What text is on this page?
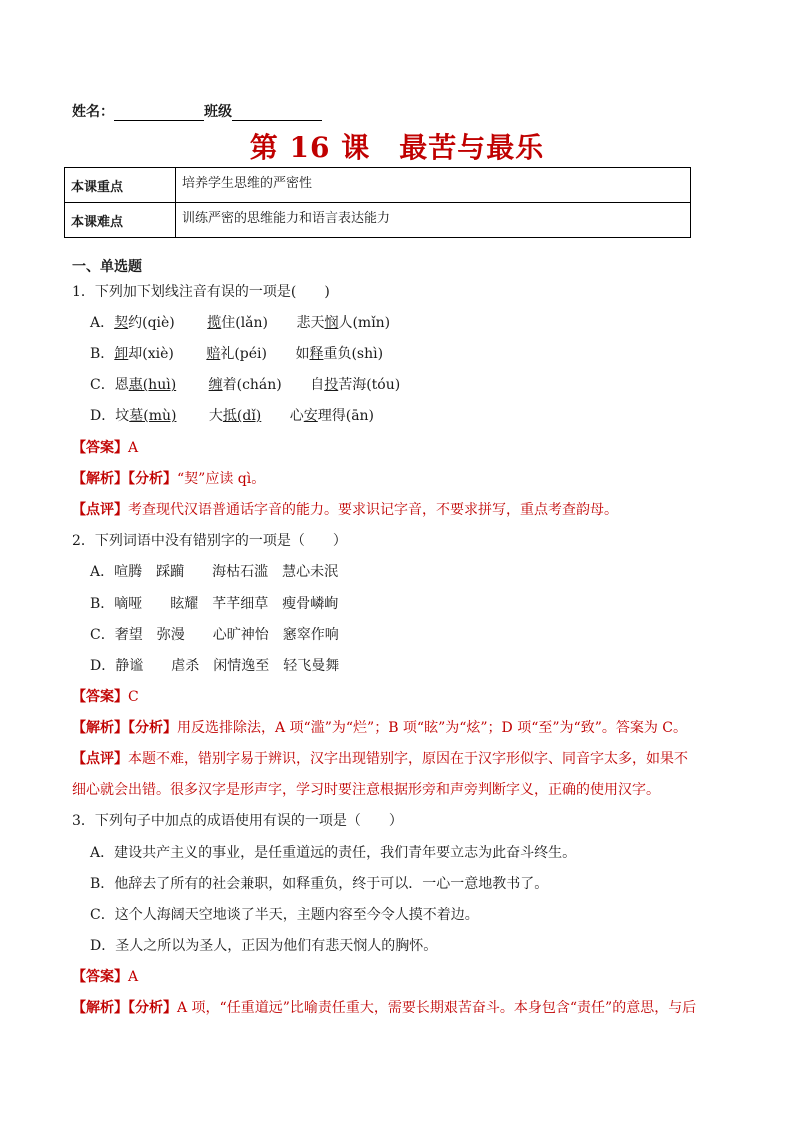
姓名：	班级
第 16 课　最苦与最乐
本课重点	培养学生思维的严密性
本课难点	训练严密的思维能力和语言表达能力
一、单选题
1．下列加下划线注音有误的一项是(　　)
A．契约(qiè) 揽住(lǎn) 悲天悯人(mǐn)
B．卸却(xiè) 赔礼(péi) 如释重负(shì)
C．恩惠(huì) 缠着(chán) 自投苦海(tóu)
D．坟墓(mù) 大抵(dǐ) 心安理得(ān)
【答案】A
【解析】【分析】“契”应读 qì。
【点评】考查现代汉语普通话字音的能力。要求识记字音，不要求拼写，重点考查韵母。
2．下列词语中没有错别字的一项是（　　）
A．喧腾　踩躏　　海枯石滥　慧心未泯
B．嘀哑　　眩耀　芊芊细草　瘦骨嶙峋
C．奢望　弥漫　　心旷神怡　窸窣作响
D．静谧　　虐杀　闲情逸至　轻飞曼舞
【答案】C
【解析】【分析】用反选排除法，A 项“滥”为“烂”；B 项“眩”为“炫”；D 项“至”为“致”。答案为 C。
【点评】本题不难，错别字易于辨识，汉字出现错别字，原因在于汉字形似字、同音字太多，如果不
细心就会出错。很多汉字是形声字，学习时要注意根据形旁和声旁判断字义，正确的使用汉字。
3．下列句子中加点的成语使用有误的一项是（　　）
A．建设共产主义的事业，是任重道远的责任，我们青年要立志为此奋斗终生。
B．他辞去了所有的社会兼职，如释重负，终于可以．一心一意地教书了。
C．这个人海阔天空地谈了半天，主题内容至今令人摸不着边。
D．圣人之所以为圣人，正因为他们有悲天悯人的胸怀。
【答案】A
【解析】【分析】A 项，“任重道远”比喻责任重大，需要长期艰苦奋斗。本身包含“责任”的意思，与后
